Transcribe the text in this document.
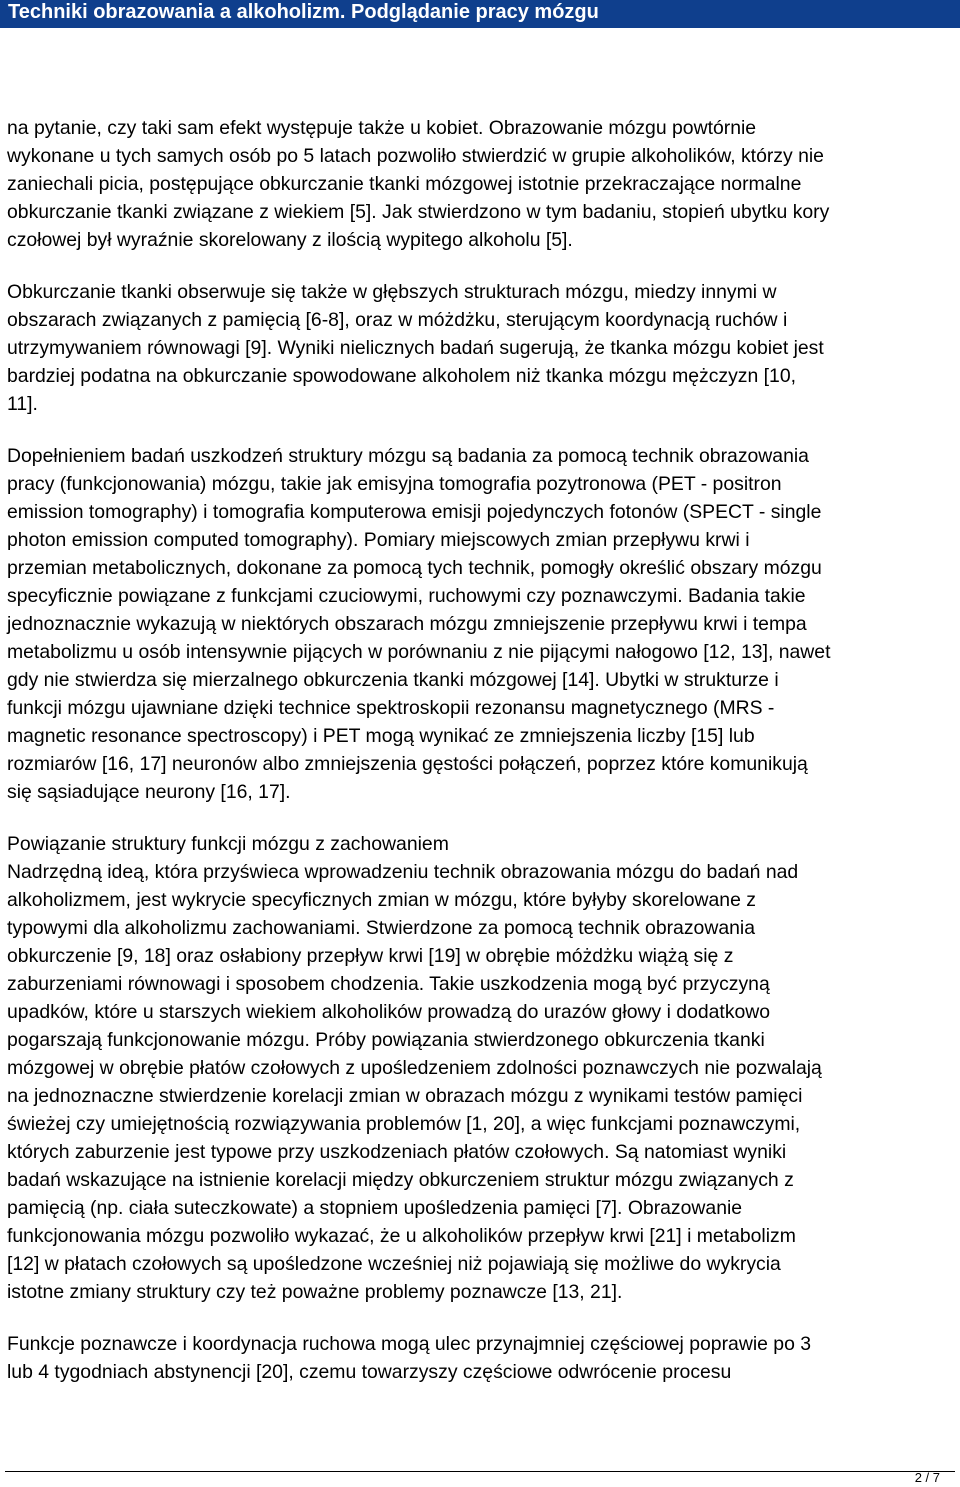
Techniki obrazowania a alkoholizm. Podglądanie pracy mózgu

na pytanie, czy taki sam efekt występuje także u kobiet. Obrazowanie mózgu powtórnie
wykonane u tych samych osób po 5 latach pozwoliło stwierdzić w grupie alkoholików, którzy nie
zaniechali picia, postępujące obkurczanie tkanki mózgowej istotnie przekraczające normalne
obkurczanie tkanki związane z wiekiem [5]. Jak stwierdzono w tym badaniu, stopień ubytku kory
czołowej był wyraźnie skorelowany z ilością wypitego alkoholu [5].

Obkurczanie tkanki obserwuje się także w głębszych strukturach mózgu, miedzy innymi w
obszarach związanych z pamięcią [6-8], oraz w móżdżku, sterującym koordynacją ruchów i
utrzymywaniem równowagi [9]. Wyniki nielicznych badań sugerują, że tkanka mózgu kobiet jest
bardziej podatna na obkurczanie spowodowane alkoholem niż tkanka mózgu mężczyzn [10,
11].

Dopełnieniem badań uszkodzeń struktury mózgu są badania za pomocą technik obrazowania
pracy (funkcjonowania) mózgu, takie jak emisyjna tomografia pozytronowa (PET - positron
emission tomography) i tomografia komputerowa emisji pojedynczych fotonów (SPECT - single
photon emission computed tomography). Pomiary miejscowych zmian przepływu krwi i
przemian metabolicznych, dokonane za pomocą tych technik, pomogły określić obszary mózgu
specyficznie powiązane z funkcjami czuciowymi, ruchowymi czy poznawczymi. Badania takie
jednoznacznie wykazują w niektórych obszarach mózgu zmniejszenie przepływu krwi i tempa
metabolizmu u osób intensywnie pijących w porównaniu z nie pijącymi nałogowo [12, 13], nawet
gdy nie stwierdza się mierzalnego obkurczenia tkanki mózgowej [14]. Ubytki w strukturze i
funkcji mózgu ujawniane dzięki technice spektroskopii rezonansu magnetycznego (MRS -
magnetic resonance spectroscopy) i PET mogą wynikać ze zmniejszenia liczby [15] lub
rozmiarów [16, 17] neuronów albo zmniejszenia gęstości połączeń, poprzez które komunikują
się sąsiadujące neurony [16, 17].

Powiązanie struktury funkcji mózgu z zachowaniem
Nadrzędną ideą, która przyświeca wprowadzeniu technik obrazowania mózgu do badań nad
alkoholizmem, jest wykrycie specyficznych zmian w mózgu, które byłyby skorelowane z
typowymi dla alkoholizmu zachowaniami. Stwierdzone za pomocą technik obrazowania
obkurczenie [9, 18] oraz osłabiony przepływ krwi [19] w obrębie móżdżku wiążą się z
zaburzeniami równowagi i sposobem chodzenia. Takie uszkodzenia mogą być przyczyną
upadków, które u starszych wiekiem alkoholików prowadzą do urazów głowy i dodatkowo
pogarszają funkcjonowanie mózgu. Próby powiązania stwierdzonego obkurczenia tkanki
mózgowej w obrębie płatów czołowych z upośledzeniem zdolności poznawczych nie pozwalają
na jednoznaczne stwierdzenie korelacji zmian w obrazach mózgu z wynikami testów pamięci
świeżej czy umiejętnością rozwiązywania problemów [1, 20], a więc funkcjami poznawczymi,
których zaburzenie jest typowe przy uszkodzeniach płatów czołowych. Są natomiast wyniki
badań wskazujące na istnienie korelacji między obkurczeniem struktur mózgu związanych z
pamięcią (np. ciała suteczkowate) a stopniem upośledzenia pamięci [7]. Obrazowanie
funkcjonowania mózgu pozwoliło wykazać, że u alkoholików przepływ krwi [21] i metabolizm
[12] w płatach czołowych są upośledzone wcześniej niż pojawiają się możliwe do wykrycia
istotne zmiany struktury czy też poważne problemy poznawcze [13, 21].

Funkcje poznawcze i koordynacja ruchowa mogą ulec przynajmniej częściowej poprawie po 3
lub 4 tygodniach abstynencji [20], czemu towarzyszy częściowe odwrócenie procesu

2 / 7
